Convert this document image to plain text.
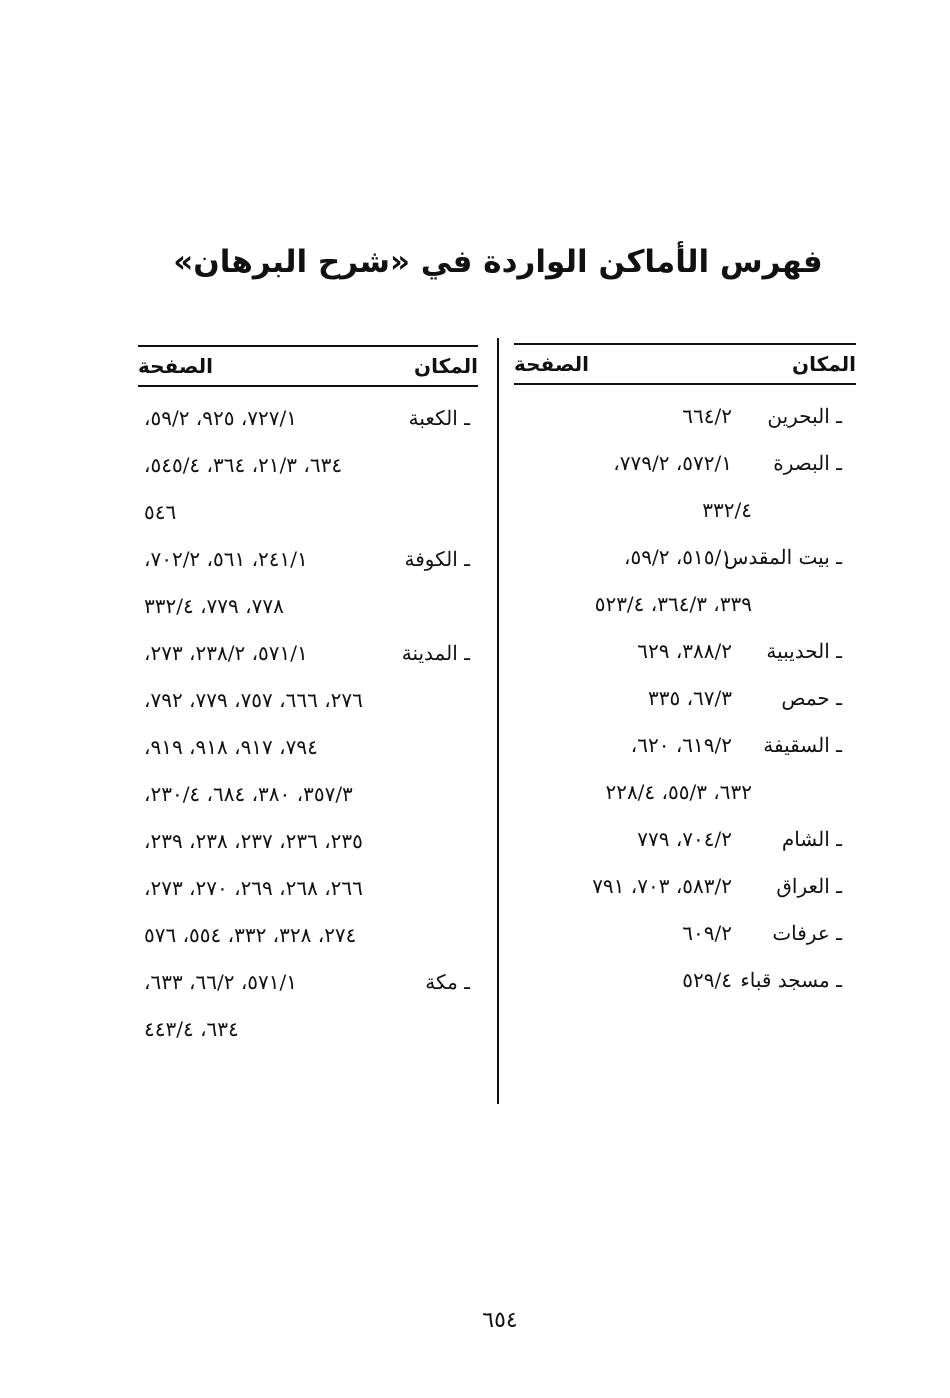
فهرس الأماكن الواردة في «شرح البرهان»
المكان
الصفحة
ـ البحرين
٦٦٤/٢
ـ البصرة
٥٧٢/١، ٧٧٩/٢،
٣٣٢/٤
ـ بيت المقدس
٥١٥/١، ٥٩/٢،
٣٣٩، ٣٦٤/٣، ٥٢٣/٤
ـ الحديبية
٣٨٨/٢، ٦٢٩
ـ حمص
٦٧/٣، ٣٣٥
ـ السقيفة
٦١٩/٢، ٦٢٠،
٦٣٢، ٥٥/٣، ٢٢٨/٤
ـ الشام
٧٠٤/٢، ٧٧٩
ـ العراق
٥٨٣/٢، ٧٠٣، ٧٩١
ـ عرفات
٦٠٩/٢
ـ مسجد قباء
٥٢٩/٤
المكان
الصفحة
ـ الكعبة
٧٢٧/١، ٩٢٥، ٥٩/٢،
٦٣٤، ٢١/٣، ٣٦٤، ٥٤٥/٤،
٥٤٦
ـ الكوفة
٢٤١/١، ٥٦١، ٧٠٢/٢،
٧٧٨، ٧٧٩، ٣٣٢/٤
ـ المدينة
٥٧١/١، ٢٣٨/٢، ٢٧٣،
٢٧٦، ٦٦٦، ٧٥٧، ٧٧٩، ٧٩٢،
٧٩٤، ٩١٧، ٩١٨، ٩١٩،
٣٥٧/٣، ٣٨٠، ٦٨٤، ٢٣٠/٤،
٢٣٥، ٢٣٦، ٢٣٧، ٢٣٨، ٢٣٩،
٢٦٦، ٢٦٨، ٢٦٩، ٢٧٠، ٢٧٣،
٢٧٤، ٣٢٨، ٣٣٢، ٥٥٤، ٥٧٦
ـ مكة
٥٧١/١، ٦٦/٢، ٦٣٣،
٦٣٤، ٤٤٣/٤
٦٥٤
